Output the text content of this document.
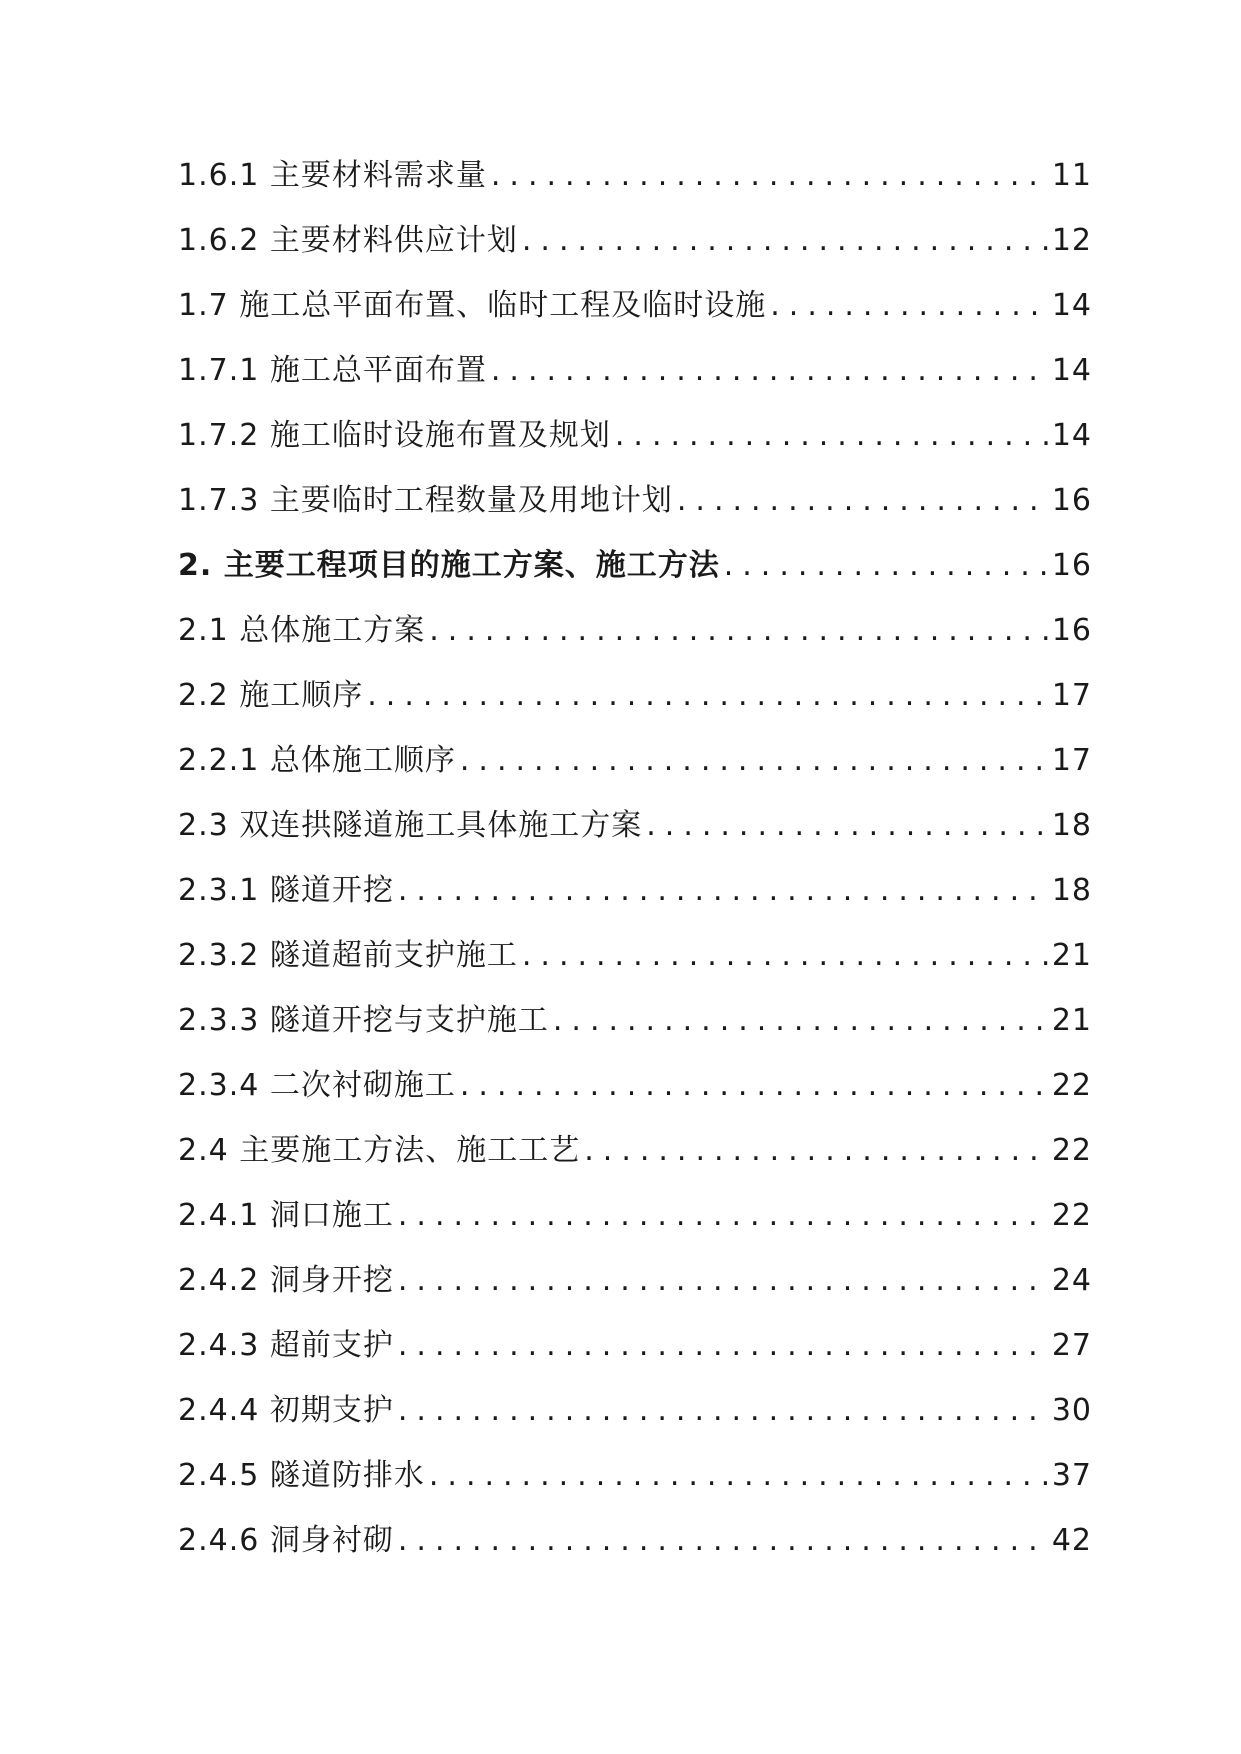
1.6.1 主要材料需求量 .....	11
1.6.2 主要材料供应计划 .....	12
1.7 施工总平面布置、临时工程及临时设施 .....	14
1.7.1 施工总平面布置 .....	14
1.7.2 施工临时设施布置及规划 .....	14
1.7.3 主要临时工程数量及用地计划 .....	16
2. 主要工程项目的施工方案、施工方法 .....	16
2.1 总体施工方案 .....	16
2.2 施工顺序 .....	17
2.2.1 总体施工顺序 .....	17
2.3 双连拱隧道施工具体施工方案 .....	18
2.3.1 隧道开挖 .....	18
2.3.2 隧道超前支护施工 .....	21
2.3.3 隧道开挖与支护施工 .....	21
2.3.4 二次衬砌施工 .....	22
2.4 主要施工方法、施工工艺 .....	22
2.4.1 洞口施工 .....	22
2.4.2 洞身开挖 .....	24
2.4.3 超前支护 .....	27
2.4.4 初期支护 .....	30
2.4.5 隧道防排水 .....	37
2.4.6 洞身衬砌 .....	42
